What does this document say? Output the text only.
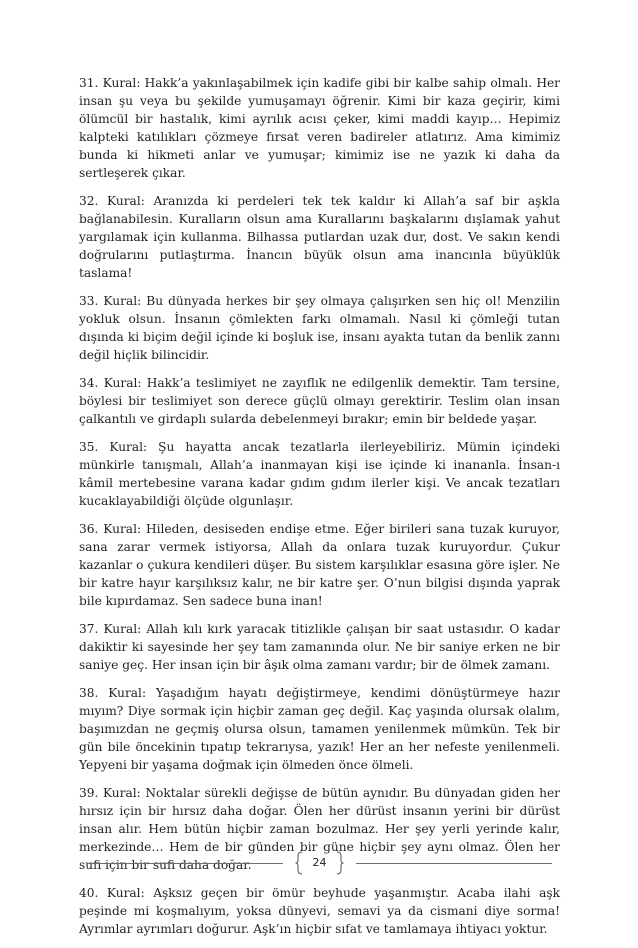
31. Kural: Hakk’a yakınlaşabilmek için kadife gibi bir kalbe sahip olmalı. Her insan şu veya bu şekilde yumuşamayı öğrenir. Kimi bir kaza geçirir, kimi ölümcül bir hastalık, kimi ayrılık acısı çeker, kimi maddi kayıp… Hepimiz kalpteki katılıkları çözmeye fırsat veren badireler atlatırız. Ama kimimiz bunda ki hikmeti anlar ve yumuşar; kimimiz ise ne yazık ki daha da sertleşerek çıkar.

32. Kural: Aranızda ki perdeleri tek tek kaldır ki Allah’a saf bir aşkla bağlanabilesin. Kuralların olsun ama Kurallarını başkalarını dışlamak yahut yargılamak için kullanma. Bilhassa putlardan uzak dur, dost. Ve sakın kendi doğrularını putlaştırma. İnancın büyük olsun ama inancınla büyüklük taslama!

33. Kural: Bu dünyada herkes bir şey olmaya çalışırken sen hiç ol! Menzilin yokluk olsun. İnsanın çömlekten farkı olmamalı. Nasıl ki çömleği tutan dışında ki biçim değil içinde ki boşluk ise, insanı ayakta tutan da benlik zannı değil hiçlik bilincidir.

34. Kural: Hakk’a teslimiyet ne zayıflık ne edilgenlik demektir. Tam tersine, böylesi bir teslimiyet son derece güçlü olmayı gerektirir. Teslim olan insan çalkantılı ve girdaplı sularda debelenmeyi bırakır; emin bir beldede yaşar.

35. Kural: Şu hayatta ancak tezatlarla ilerleyebiliriz. Mümin içindeki münkirle tanışmalı, Allah’a inanmayan kişi ise içinde ki inananla. İnsan-ı kâmil mertebesine varana kadar gıdım gıdım ilerler kişi. Ve ancak tezatları kucaklayabildiği ölçüde olgunlaşır.

36. Kural: Hileden, desiseden endişe etme. Eğer birileri sana tuzak kuruyor, sana zarar vermek istiyorsa, Allah da onlara tuzak kuruyordur. Çukur kazanlar o çukura kendileri düşer. Bu sistem karşılıklar esasına göre işler. Ne bir katre hayır karşılıksız kalır, ne bir katre şer. O’nun bilgisi dışında yaprak bile kıpırdamaz. Sen sadece buna inan!

37. Kural: Allah kılı kırk yaracak titizlikle çalışan bir saat ustasıdır. O kadar dakiktir ki sayesinde her şey tam zamanında olur. Ne bir saniye erken ne bir saniye geç. Her insan için bir âşık olma zamanı vardır; bir de ölmek zamanı.

38. Kural: Yaşadığım hayatı değiştirmeye, kendimi dönüştürmeye hazır mıyım? Diye sormak için hiçbir zaman geç değil. Kaç yaşında olursak olalım, başımızdan ne geçmiş olursa olsun, tamamen yenilenmek mümkün. Tek bir gün bile öncekinin tıpatıp tekrarıysa, yazık! Her an her nefeste yenilenmeli. Yepyeni bir yaşama doğmak için ölmeden önce ölmeli.

39. Kural: Noktalar sürekli değişse de bütün aynıdır. Bu dünyadan giden her hırsız için bir hırsız daha doğar. Ölen her dürüst insanın yerini bir dürüst insan alır. Hem bütün hiçbir zaman bozulmaz. Her şey yerli yerinde kalır, merkezinde… Hem de bir günden bir güne hiçbir şey aynı olmaz. Ölen her sufi için bir sufi daha doğar.

40. Kural: Aşksız geçen bir ömür beyhude yaşanmıştır. Acaba ilahi aşk peşinde mi koşmalıyım, yoksa dünyevi, semavi ya da cismani diye sorma! Ayrımlar ayrımları doğurur. Aşk’ın hiçbir sıfat ve tamlamaya ihtiyacı yoktur.

24
